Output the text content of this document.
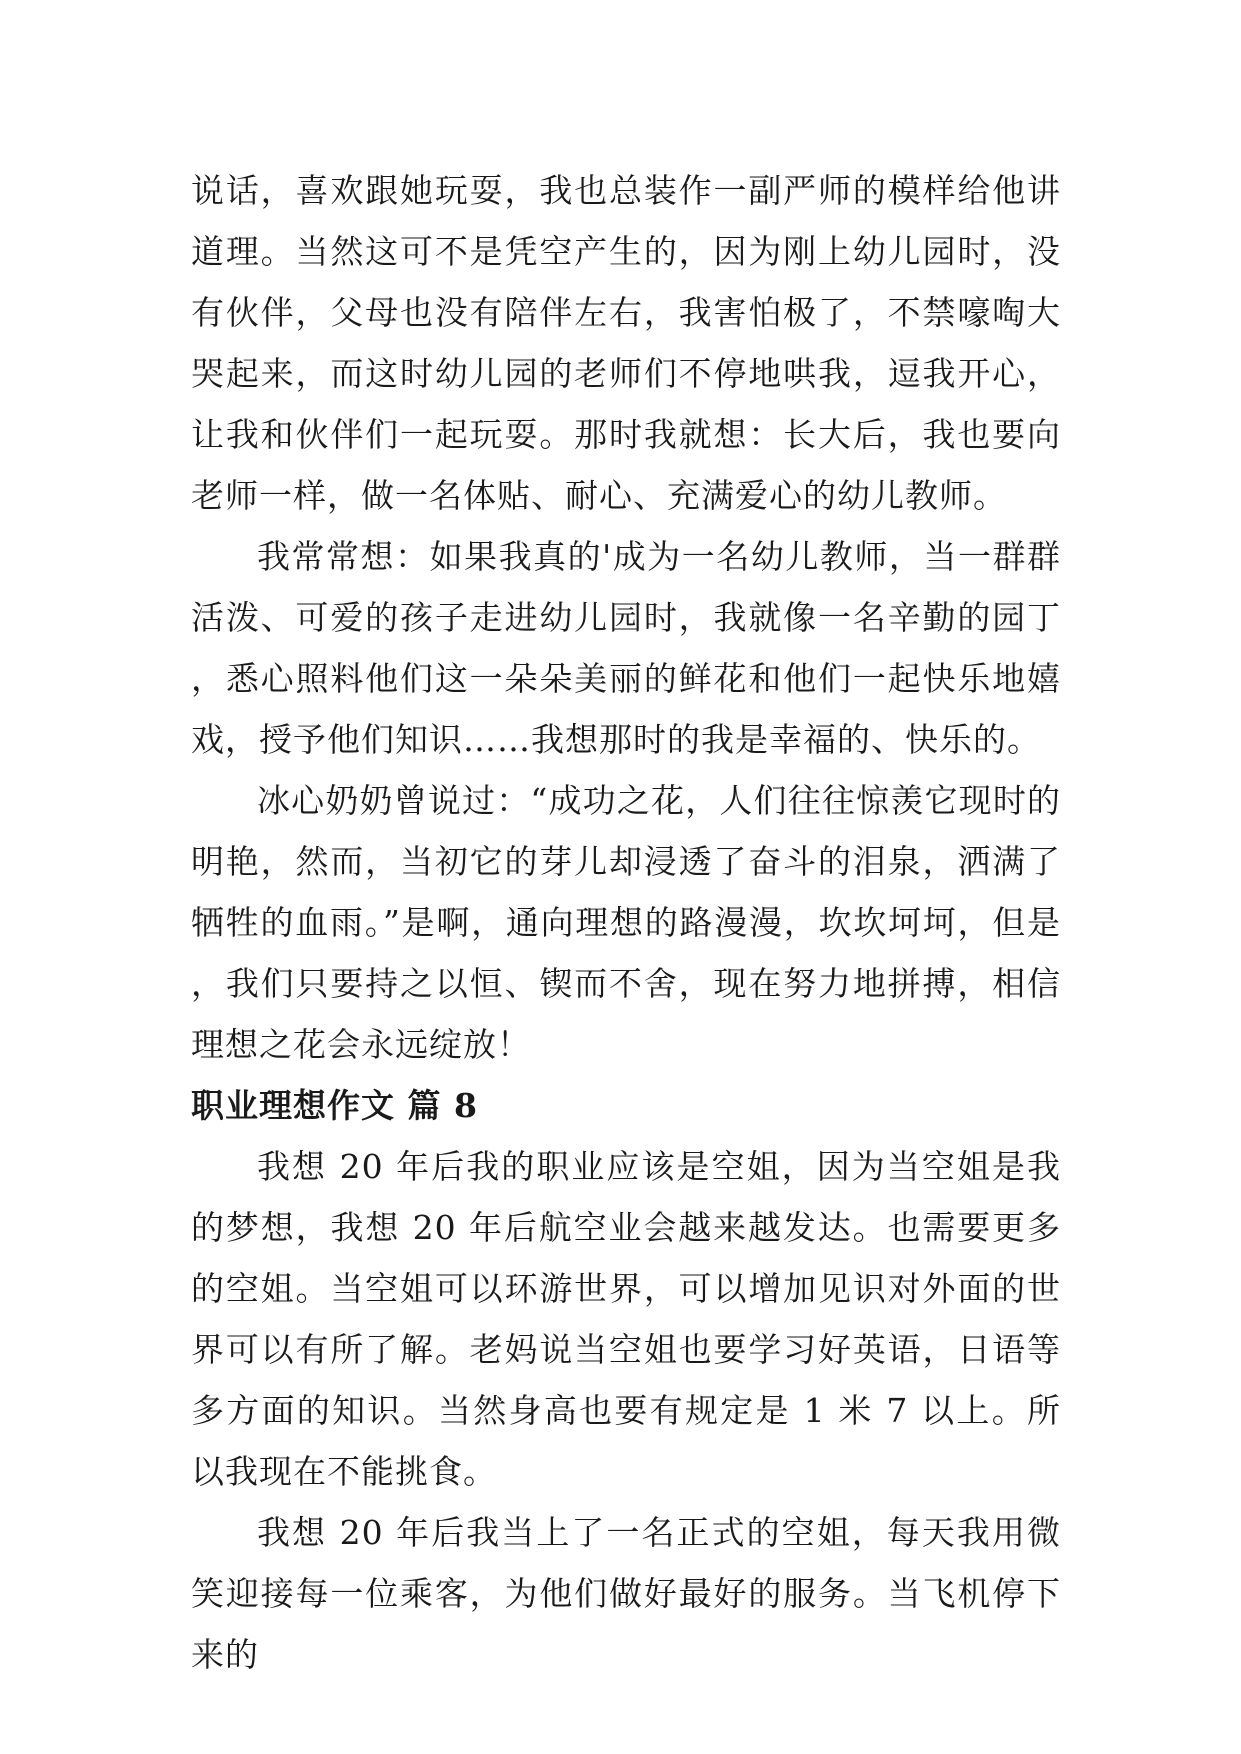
说话，喜欢跟她玩耍，我也总装作一副严师的模样给他讲道理。当然这可不是凭空产生的，因为刚上幼儿园时，没有伙伴，父母也没有陪伴左右，我害怕极了，不禁嚎啕大哭起来，而这时幼儿园的老师们不停地哄我，逗我开心，让我和伙伴们一起玩耍。那时我就想：长大后，我也要向老师一样，做一名体贴、耐心、充满爱心的幼儿教师。

我常常想：如果我真的'成为一名幼儿教师，当一群群活泼、可爱的孩子走进幼儿园时，我就像一名辛勤的园丁，悉心照料他们这一朵朵美丽的鲜花和他们一起快乐地嬉戏，授予他们知识……我想那时的我是幸福的、快乐的。

冰心奶奶曾说过：“成功之花，人们往往惊羡它现时的明艳，然而，当初它的芽儿却浸透了奋斗的泪泉，洒满了牺牲的血雨。”是啊，通向理想的路漫漫，坎坎坷坷，但是，我们只要持之以恒、锲而不舍，现在努力地拼搏，相信理想之花会永远绽放！

职业理想作文 篇 8

我想 20 年后我的职业应该是空姐，因为当空姐是我的梦想，我想 20 年后航空业会越来越发达。也需要更多的空姐。当空姐可以环游世界，可以增加见识对外面的世界可以有所了解。老妈说当空姐也要学习好英语，日语等多方面的知识。当然身高也要有规定是 1 米 7 以上。所以我现在不能挑食。

我想 20 年后我当上了一名正式的空姐，每天我用微笑迎接每一位乘客，为他们做好最好的服务。当飞机停下来的
